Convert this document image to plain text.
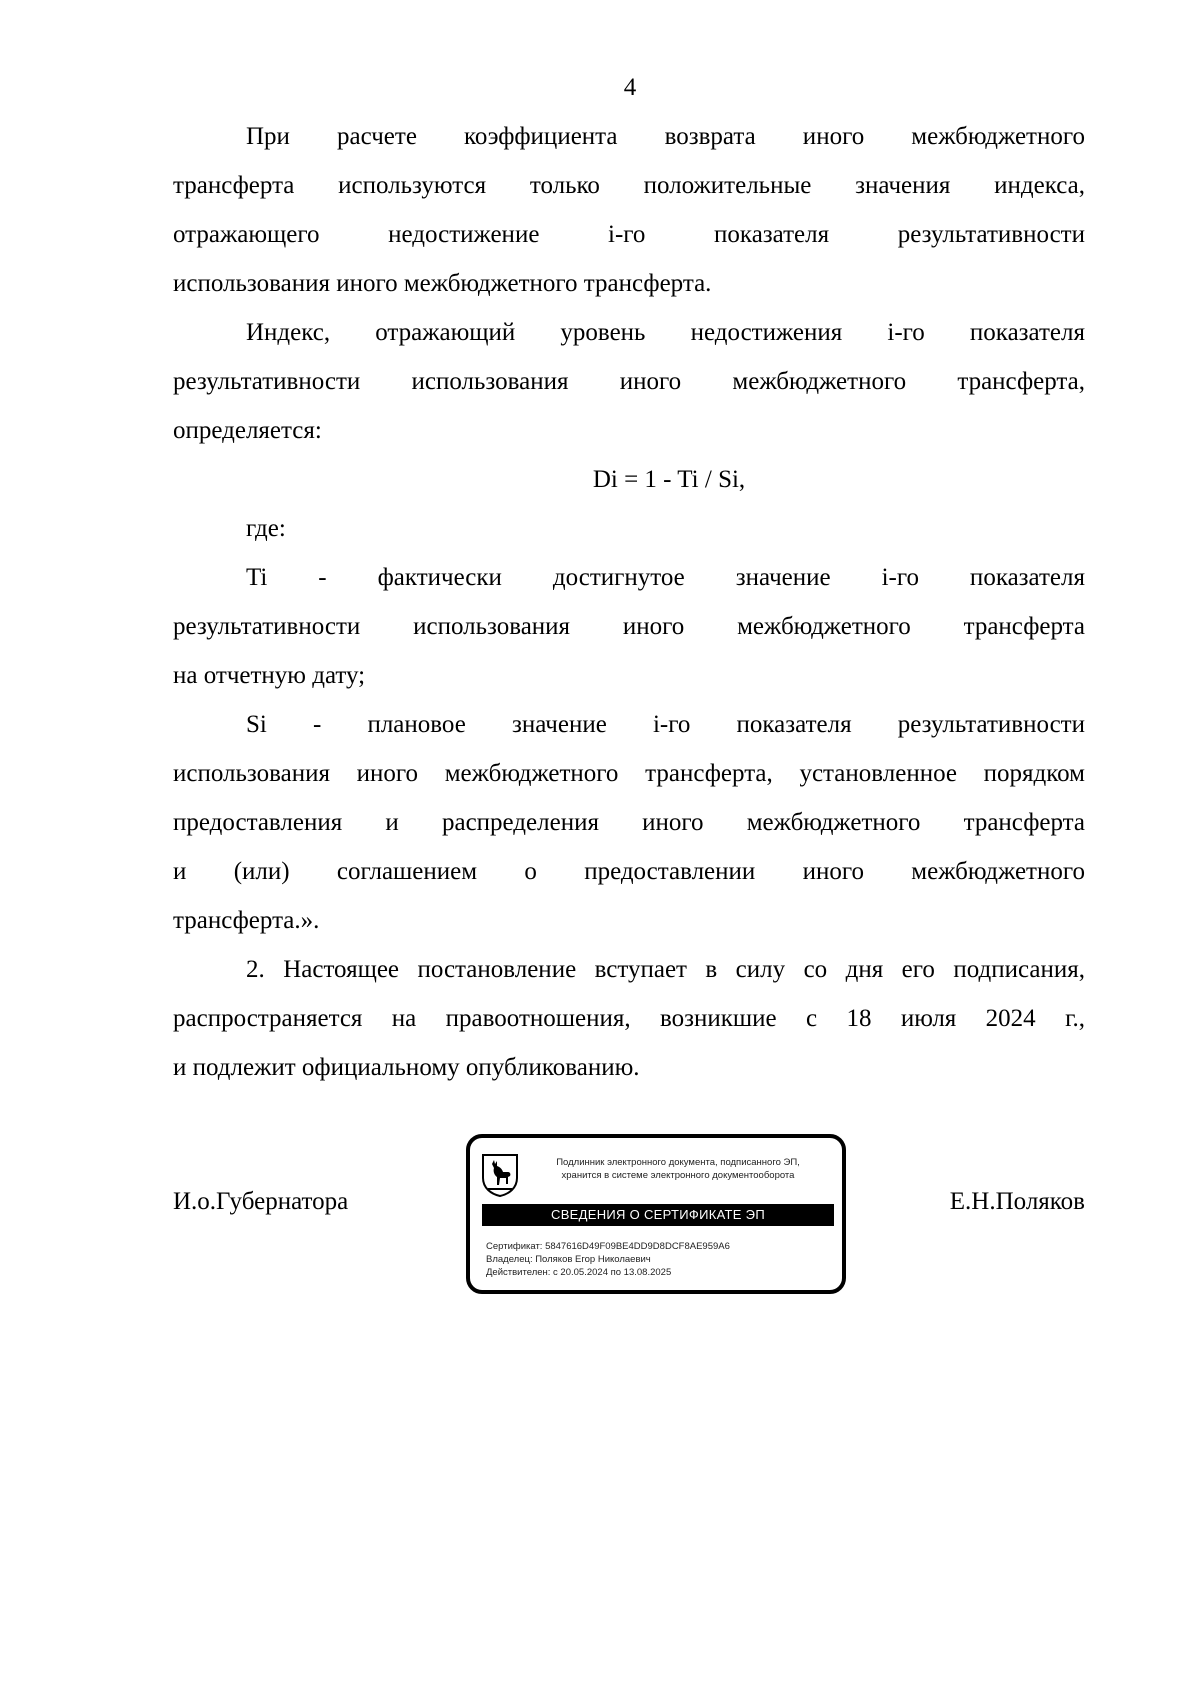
4
При расчете коэффициента возврата иного межбюджетного
трансферта используются только положительные значения индекса,
отражающего недостижение i-го показателя результативности
использования иного межбюджетного трансферта.
Индекс, отражающий уровень недостижения i-го показателя
результативности использования иного межбюджетного трансферта,
определяется:
Di = 1 - Ti / Si,
где:
Ti - фактически достигнутое значение i-го показателя
результативности использования иного межбюджетного трансферта
на отчетную дату;
Si - плановое значение i-го показателя результативности
использования иного межбюджетного трансферта, установленное порядком
предоставления и распределения иного межбюджетного трансферта
и (или) соглашением о предоставлении иного межбюджетного
трансферта.».
2. Настоящее постановление вступает в силу со дня его подписания,
распространяется на правоотношения, возникшие с 18 июля 2024 г.,
и подлежит официальному опубликованию.
И.о.Губернатора	Е.Н.Поляков
Подлинник электронного документа, подписанного ЭП,
хранится в системе электронного документооборота
СВЕДЕНИЯ О СЕРТИФИКАТЕ ЭП
Сертификат: 5847616D49F09BE4DD9D8DCF8AE959A6
Владелец: Поляков Егор Николаевич
Действителен: с 20.05.2024 по 13.08.2025
